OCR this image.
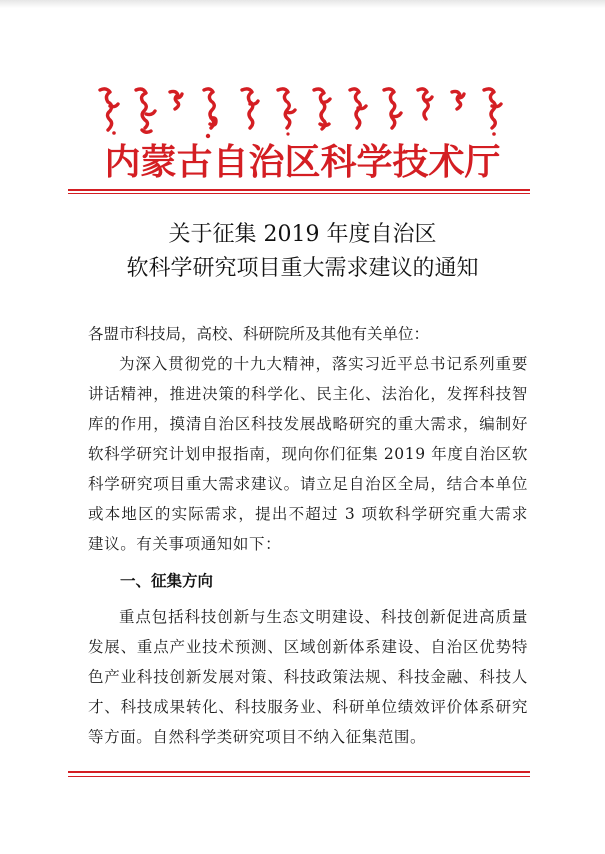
内蒙古自治区科学技术厅
关于征集 2019 年度自治区
软科学研究项目重大需求建议的通知
各盟市科技局，高校、科研院所及其他有关单位：
为深入贯彻党的十九大精神，落实习近平总书记系列重要讲话精神，推进决策的科学化、民主化、法治化，发挥科技智库的作用，摸清自治区科技发展战略研究的重大需求，编制好软科学研究计划申报指南，现向你们征集 2019 年度自治区软科学研究项目重大需求建议。请立足自治区全局，结合本单位或本地区的实际需求，提出不超过 3 项软科学研究重大需求建议。有关事项通知如下：
一、征集方向
重点包括科技创新与生态文明建设、科技创新促进高质量发展、重点产业技术预测、区域创新体系建设、自治区优势特色产业科技创新发展对策、科技政策法规、科技金融、科技人才、科技成果转化、科技服务业、科研单位绩效评价体系研究等方面。自然科学类研究项目不纳入征集范围。
